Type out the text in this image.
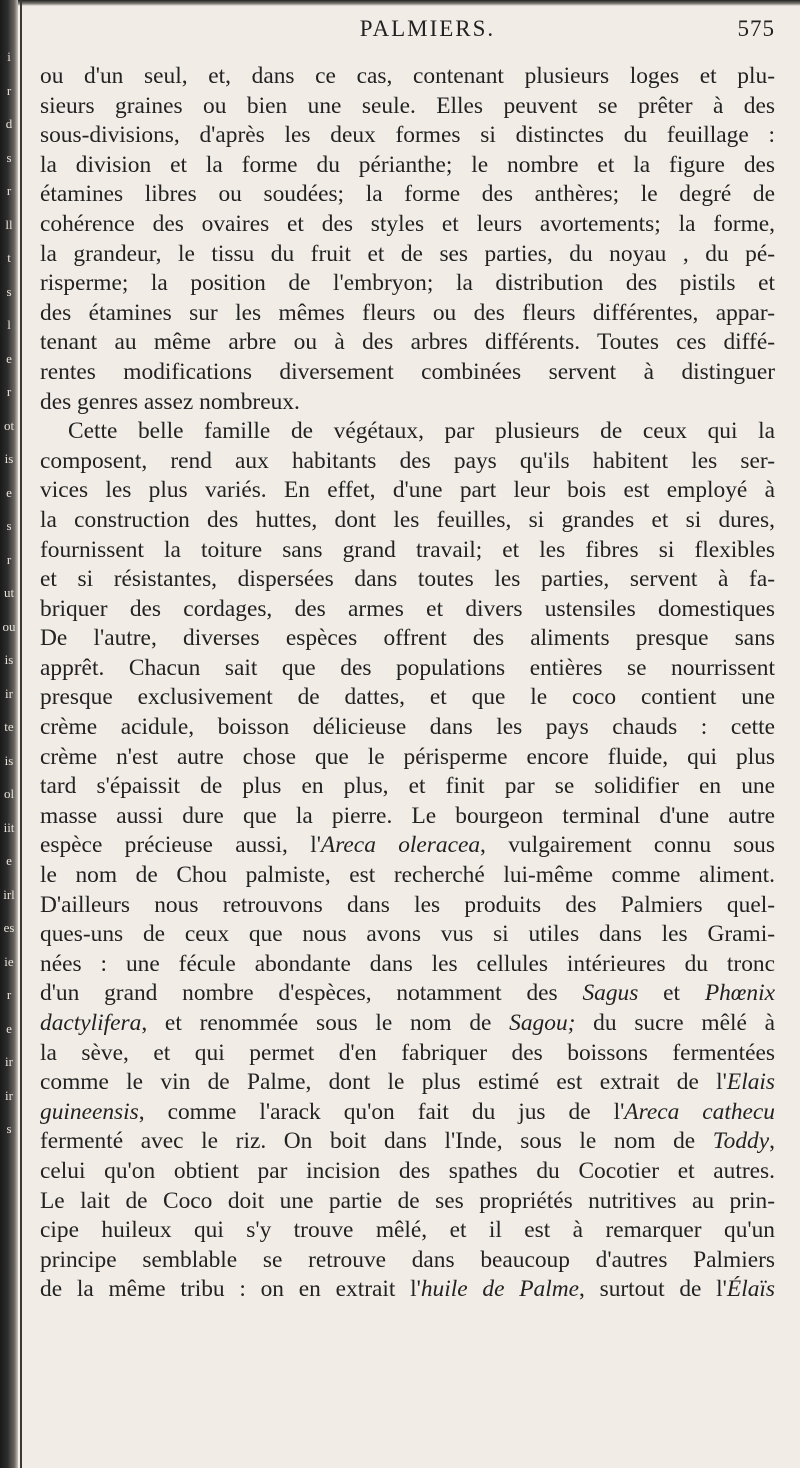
i
r
d
s
r
ll
t
s
l
e
r
ot
is
e
s
r
ut
ou
is
ir
te
is
ol
iit
e
irl
es
ie
r
e
ir
ir
s
PALMIERS.	575

ou d'un seul, et, dans ce cas, contenant plusieurs loges et plu-
sieurs graines ou bien une seule. Elles peuvent se prêter à des
sous-divisions, d'après les deux formes si distinctes du feuillage :
la division et la forme du périanthe; le nombre et la figure des
étamines libres ou soudées; la forme des anthères; le degré de
cohérence des ovaires et des styles et leurs avortements; la forme,
la grandeur, le tissu du fruit et de ses parties, du noyau , du pé-
risperme; la position de l'embryon; la distribution des pistils et
des étamines sur les mêmes fleurs ou des fleurs différentes, appar-
tenant au même arbre ou à des arbres différents. Toutes ces diffé-
rentes modifications diversement combinées servent à distinguer
des genres assez nombreux.

Cette belle famille de végétaux, par plusieurs de ceux qui la
composent, rend aux habitants des pays qu'ils habitent les ser-
vices les plus variés. En effet, d'une part leur bois est employé à
la construction des huttes, dont les feuilles, si grandes et si dures,
fournissent la toiture sans grand travail; et les fibres si flexibles
et si résistantes, dispersées dans toutes les parties, servent à fa-
briquer des cordages, des armes et divers ustensiles domestiques
De l'autre, diverses espèces offrent des aliments presque sans
apprêt. Chacun sait que des populations entières se nourrissent
presque exclusivement de dattes, et que le coco contient une
crème acidule, boisson délicieuse dans les pays chauds : cette
crème n'est autre chose que le périsperme encore fluide, qui plus
tard s'épaissit de plus en plus, et finit par se solidifier en une
masse aussi dure que la pierre. Le bourgeon terminal d'une autre

espèce précieuse aussi, l'Areca oleracea, vulgairement connu sous
le nom de Chou palmiste, est recherché lui-même comme aliment.
D'ailleurs nous retrouvons dans les produits des Palmiers quel-
ques-uns de ceux que nous avons vus si utiles dans les Grami-
nées : une fécule abondante dans les cellules intérieures du tronc
d'un grand nombre d'espèces, notamment des Sagus et Phœnix
dactylifera, et renommée sous le nom de Sagou; du sucre mêlé à
la sève, et qui permet d'en fabriquer des boissons fermentées
comme le vin de Palme, dont le plus estimé est extrait de l'Elais
guineensis, comme l'arack qu'on fait du jus de l'Areca cathecu
fermenté avec le riz. On boit dans l'Inde, sous le nom de Toddy,
celui qu'on obtient par incision des spathes du Cocotier et autres.
Le lait de Coco doit une partie de ses propriétés nutritives au prin-
cipe huileux qui s'y trouve mêlé, et il est à remarquer qu'un
principe semblable se retrouve dans beaucoup d'autres Palmiers
de la même tribu : on en extrait l'huile de Palme, surtout de l'Élaïs
